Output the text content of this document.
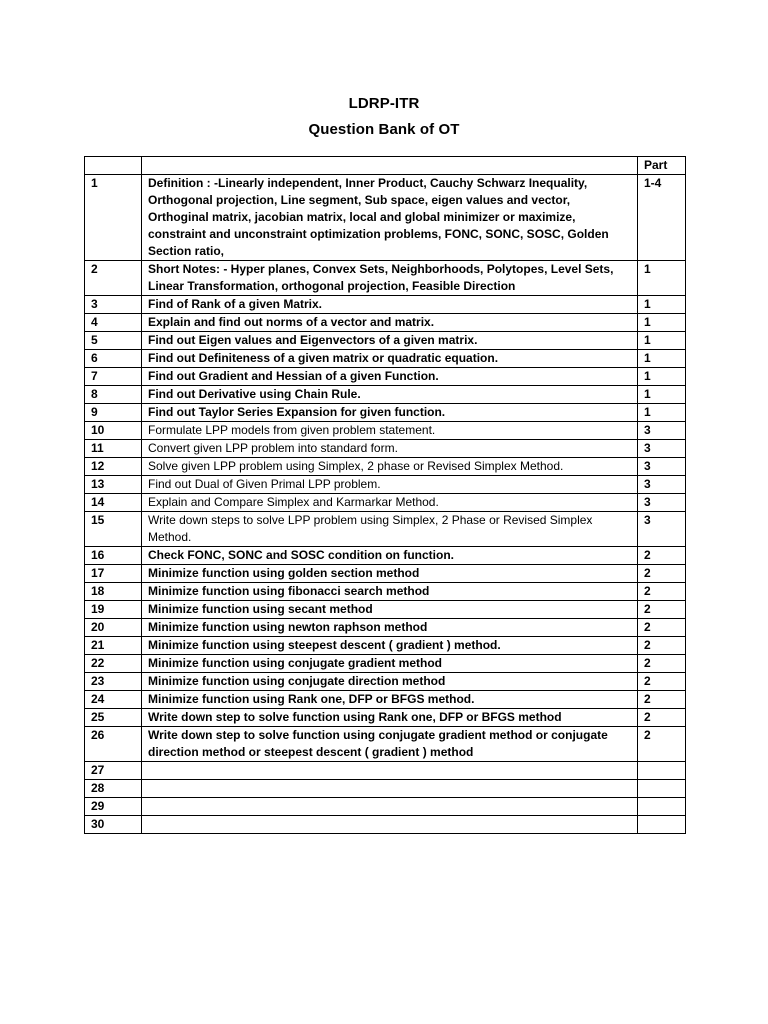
LDRP-ITR
Question Bank of OT
		Part
1	Definition : -Linearly independent, Inner Product, Cauchy Schwarz Inequality, Orthogonal projection, Line segment, Sub space, eigen values and vector, Orthoginal matrix, jacobian matrix, local and global minimizer or maximize, constraint and unconstraint optimization problems, FONC, SONC, SOSC, Golden Section ratio,	1-4
2	Short Notes: - Hyper planes, Convex Sets, Neighborhoods, Polytopes, Level Sets, Linear Transformation, orthogonal projection, Feasible Direction	1
3	Find of Rank of a given Matrix.	1
4	Explain and find out norms of a vector and matrix.	1
5	Find out Eigen values and Eigenvectors of a given matrix.	1
6	Find out Definiteness of a given matrix or quadratic equation.	1
7	Find out Gradient and Hessian of a given Function.	1
8	Find out Derivative using Chain Rule.	1
9	Find out Taylor Series Expansion for given function.	1
10	Formulate LPP models from given problem statement.	3
11	Convert given LPP problem into standard form.	3
12	Solve given LPP problem using Simplex, 2 phase or Revised Simplex Method.	3
13	Find out Dual of Given Primal LPP problem.	3
14	Explain and Compare Simplex and Karmarkar Method.	3
15	Write down steps to solve LPP problem using Simplex, 2 Phase or Revised Simplex Method.	3
16	Check FONC, SONC and SOSC condition on function.	2
17	Minimize function using golden section method	2
18	Minimize function using fibonacci search method	2
19	Minimize function using secant method	2
20	Minimize function using newton raphson method	2
21	Minimize function using steepest descent ( gradient ) method.	2
22	Minimize function using conjugate gradient method	2
23	Minimize function using conjugate direction method	2
24	Minimize function using Rank one, DFP or BFGS method.	2
25	Write down step to solve function using Rank one, DFP or BFGS method	2
26	Write down step to solve function using conjugate gradient method or conjugate direction method or steepest descent ( gradient ) method	2
27		
28		
29		
30		
